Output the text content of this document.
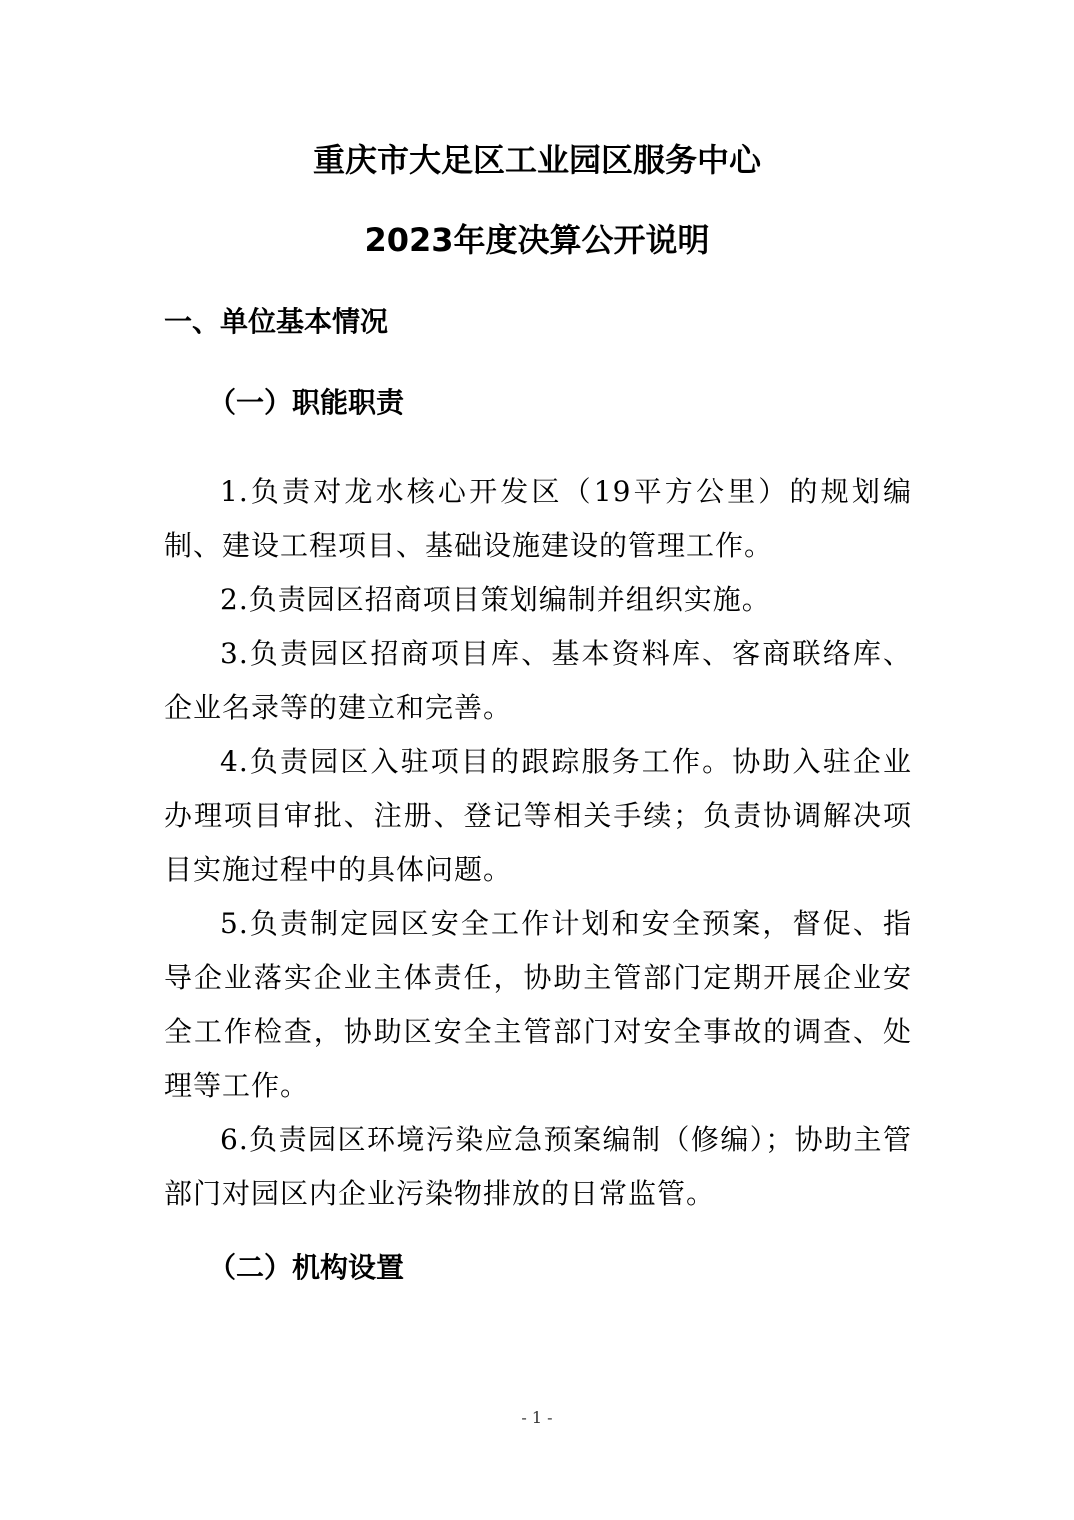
重庆市大足区工业园区服务中心
2023年度决算公开说明
一、单位基本情况
（一）职能职责
1.负责对龙水核心开发区（19平方公里）的规划编制、建设工程项目、基础设施建设的管理工作。
2.负责园区招商项目策划编制并组织实施。
3.负责园区招商项目库、基本资料库、客商联络库、企业名录等的建立和完善。
4.负责园区入驻项目的跟踪服务工作。协助入驻企业办理项目审批、注册、登记等相关手续；负责协调解决项目实施过程中的具体问题。
5.负责制定园区安全工作计划和安全预案，督促、指导企业落实企业主体责任，协助主管部门定期开展企业安全工作检查，协助区安全主管部门对安全事故的调查、处理等工作。
6.负责园区环境污染应急预案编制（修编）；协助主管部门对园区内企业污染物排放的日常监管。
（二）机构设置
- 1 -
